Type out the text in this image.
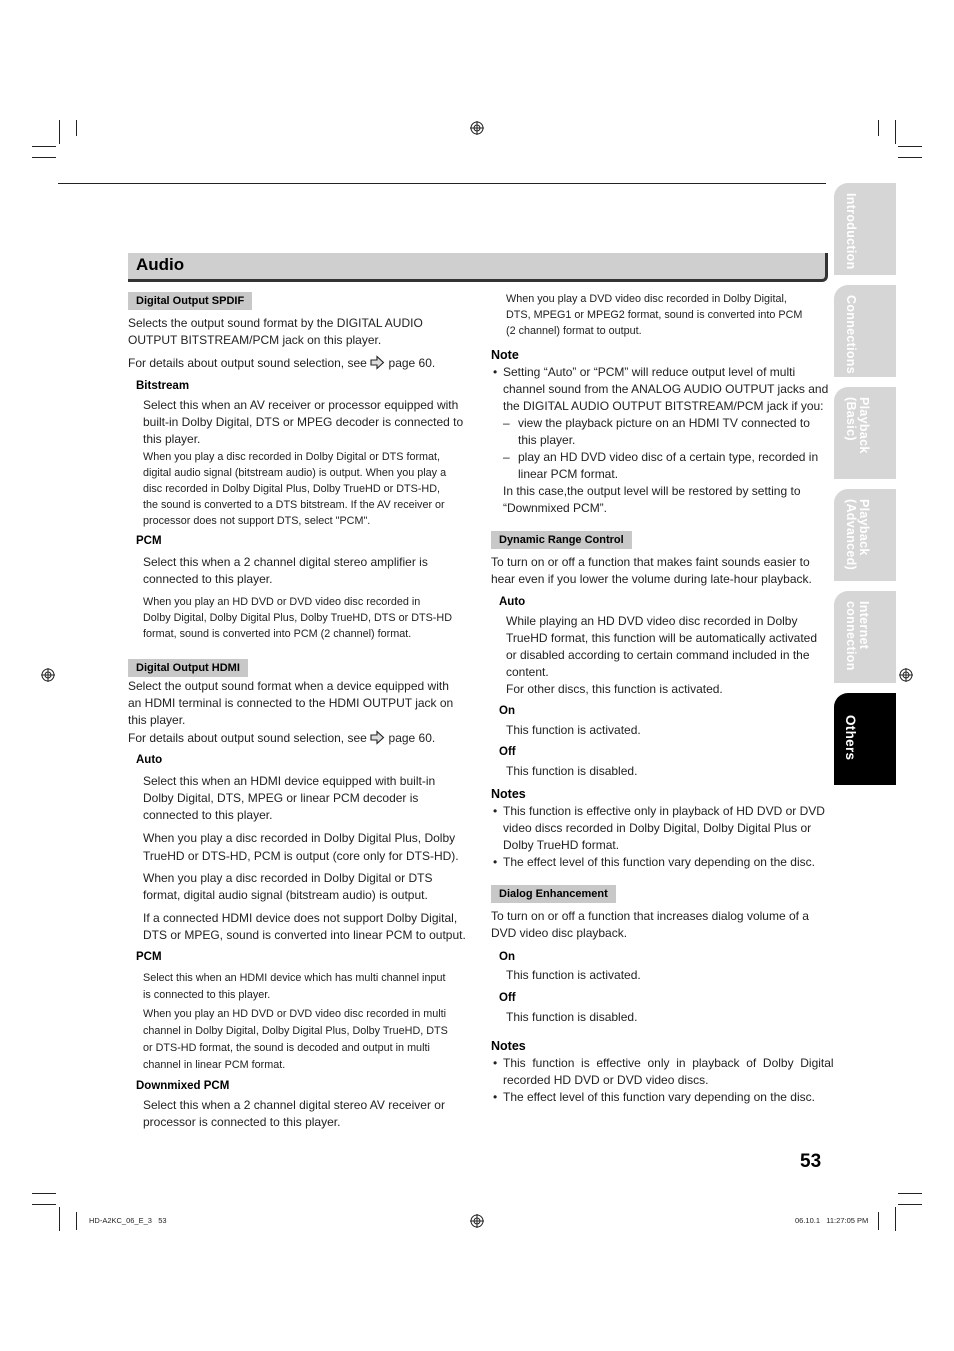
Introduction
Connections
Playback
(Basic)
Playback
(Advanced)
Internet
connection
Others
Audio
Digital Output SPDIF
Selects the output sound format by the DIGITAL AUDIO
OUTPUT BITSTREAM/PCM jack on this player.
For details about output sound selection, see page 60.
Bitstream
Select this when an AV receiver or processor equipped with
built-in Dolby Digital, DTS or MPEG decoder is connected to
this player.
When you play a disc recorded in Dolby Digital or DTS format,
digital audio signal (bitstream audio) is output. When you play a
disc recorded in Dolby Digital Plus, Dolby TrueHD or DTS-HD,
the sound is converted to a DTS bitstream. If the AV receiver or
processor does not support DTS, select "PCM".
PCM
Select this when a 2 channel digital stereo amplifier is
connected to this player.
When you play an HD DVD or DVD video disc recorded in
Dolby Digital, Dolby Digital Plus, Dolby TrueHD, DTS or DTS-HD
format, sound is converted into PCM (2 channel) format.
Digital Output HDMI
Select the output sound format when a device equipped with
an HDMI terminal is connected to the HDMI OUTPUT jack on
this player.
For details about output sound selection, see page 60.
Auto
Select this when an HDMI device equipped with built-in
Dolby Digital, DTS, MPEG or linear PCM decoder is
connected to this player.
When you play a disc recorded in Dolby Digital Plus, Dolby
TrueHD or DTS-HD, PCM is output (core only for DTS-HD).
When you play a disc recorded in Dolby Digital or DTS
format, digital audio signal (bitstream audio) is output.
If a connected HDMI device does not support Dolby Digital,
DTS or MPEG, sound is converted into linear PCM to output.
PCM
Select this when an HDMI device which has multi channel input
is connected to this player.
When you play an HD DVD or DVD video disc recorded in multi
channel in Dolby Digital, Dolby Digital Plus, Dolby TrueHD, DTS
or DTS-HD format, the sound is decoded and output in multi
channel in linear PCM format.
Downmixed PCM
Select this when a 2 channel digital stereo AV receiver or
processor is connected to this player.
When you play a DVD video disc recorded in Dolby Digital,
DTS, MPEG1 or MPEG2 format, sound is converted into PCM
(2 channel) format to output.
Note
• Setting “Auto” or “PCM” will reduce output level of multi
channel sound from the ANALOG AUDIO OUTPUT jacks and
the DIGITAL AUDIO OUTPUT BITSTREAM/PCM jack if you:
– view the playback picture on an HDMI TV connected to
this player.
– play an HD DVD video disc of a certain type, recorded in
linear PCM format.
In this case,the output level will be restored by setting to
“Downmixed PCM”.
Dynamic Range Control
To turn on or off a function that makes faint sounds easier to
hear even if you lower the volume during late-hour playback.
Auto
While playing an HD DVD video disc recorded in Dolby
TrueHD format, this function will be automatically activated
or disabled according to certain command included in the
content.
For other discs, this function is activated.
On
This function is activated.
Off
This function is disabled.
Notes
• This function is effective only in playback of HD DVD or DVD
video discs recorded in Dolby Digital, Dolby Digital Plus or
Dolby TrueHD format.
• The effect level of this function vary depending on the disc.
Dialog Enhancement
To turn on or off a function that increases dialog volume of a
DVD video disc playback.
On
This function is activated.
Off
This function is disabled.
Notes
• This  function  is  effective  only  in  playback  of  Dolby  Digital
recorded HD DVD or DVD video discs.
• The effect level of this function vary depending on the disc.
53
HD-A2KC_06_E_3   53	06.10.1   11:27:05 PM
